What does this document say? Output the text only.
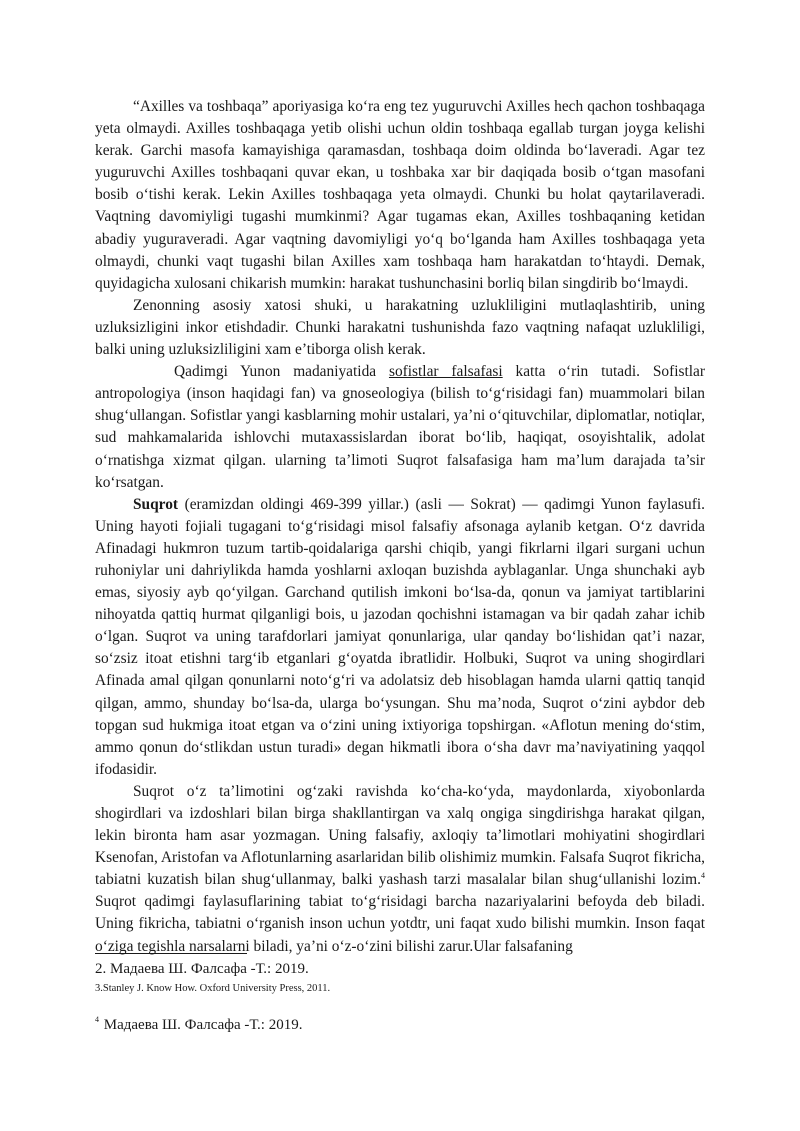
“Axilles va toshbaqa” aporiyasiga ko‘ra eng tez yuguruvchi Axilles hech qachon toshbaqaga yeta olmaydi. Axilles toshbaqaga yetib olishi uchun oldin toshbaqa egallab turgan joyga kelishi kerak. Garchi masofa kamayishiga qaramasdan, toshbaqa doim oldinda bo‘laveradi. Agar tez yuguruvchi Axilles toshbaqani quvar ekan, u toshbaka xar bir daqiqada bosib o‘tgan masofani bosib o‘tishi kerak. Lekin Axilles toshbaqaga yeta olmaydi. Chunki bu holat qaytarilaveradi. Vaqtning davomiyligi tugashi mumkinmi? Agar tugamas ekan, Axilles toshbaqaning ketidan abadiy yuguraveradi. Agar vaqtning davomiyligi yo‘q bo‘lganda ham Axilles toshbaqaga yeta olmaydi, chunki vaqt tugashi bilan Axilles xam toshbaqa ham harakatdan to‘htaydi. Demak, quyidagicha xulosani chikarish mumkin: harakat tushunchasini borliq bilan singdirib bo‘lmaydi.

Zenonning asosiy xatosi shuki, u harakatning uzlukliligini mutlaqlashtirib, uning uzluksizligini inkor etishdadir. Chunki harakatni tushunishda fazo vaqtning nafaqat uzlukliligi, balki uning uzluksizliligini xam e’tiborga olish kerak.

Qadimgi Yunon madaniyatida sofistlar falsafasi katta o‘rin tutadi. Sofistlar antropologiya (inson haqidagi fan) va gnoseologiya (bilish to‘g‘risidagi fan) muammolari bilan shug‘ullangan. Sofistlar yangi kasblarning mohir ustalari, ya’ni o‘qituvchilar, diplomatlar, notiqlar, sud mahkamalarida ishlovchi mutaxassislardan iborat bo‘lib, haqiqat, osoyishtalik, adolat o‘rnatishga xizmat qilgan. ularning ta’limoti Suqrot falsafasiga ham ma’lum darajada ta’sir ko‘rsatgan.

Suqrot (eramizdan oldingi 469-399 yillar.) (asli — Sokrat) — qadimgi Yunon faylasufi. Uning hayoti fojiali tugagani to‘g‘risidagi misol falsafiy afsonaga aylanib ketgan. O‘z davrida Afinadagi hukmron tuzum tartib-qoidalariga qarshi chiqib, yangi fikrlarni ilgari surgani uchun ruhoniylar uni dahriylikda hamda yoshlarni axloqan buzishda ayblaganlar. Unga shunchaki ayb emas, siyosiy ayb qo‘yilgan. Garchand qutilish imkoni bo‘lsa-da, qonun va jamiyat tartiblarini nihoyatda qattiq hurmat qilganligi bois, u jazodan qochishni istamagan va bir qadah zahar ichib o‘lgan. Suqrot va uning tarafdorlari jamiyat qonunlariga, ular qanday bo‘lishidan qat’i nazar, so‘zsiz itoat etishni targ‘ib etganlari g‘oyatda ibratlidir. Holbuki, Suqrot va uning shogirdlari Afinada amal qilgan qonunlarni noto‘g‘ri va adolatsiz deb hisoblagan hamda ularni qattiq tanqid qilgan, ammo, shunday bo‘lsa-da, ularga bo‘ysungan. Shu ma’noda, Suqrot o‘zini aybdor deb topgan sud hukmiga itoat etgan va o‘zini uning ixtiyoriga topshirgan. «Aflotun mening do‘stim, ammo qonun do‘stlikdan ustun turadi» degan hikmatli ibora o‘sha davr ma’naviyatining yaqqol ifodasidir.

Suqrot o‘z ta’limotini og‘zaki ravishda ko‘cha-ko‘yda, maydonlarda, xiyobonlarda shogirdlari va izdoshlari bilan birga shakllantirgan va xalq ongiga singdirishga harakat qilgan, lekin bironta ham asar yozmagan. Uning falsafiy, axloqiy ta’limotlari mohiyatini shogirdlari Ksenofan, Aristofan va Aflotunlarning asarlaridan bilib olishimiz mumkin. Falsafa Suqrot fikricha, tabiatni kuzatish bilan shug‘ullanmay, balki yashash tarzi masalalar bilan shug‘ullanishi lozim.$^4$ Suqrot qadimgi faylasuflarining tabiat to‘g‘risidagi barcha nazariyalarini befoyda deb biladi. Uning fikricha, tabiatni o‘rganish inson uchun yotdtr, uni faqat xudo bilishi mumkin. Inson faqat o‘ziga tegishla narsalarni biladi, ya’ni o‘z-o‘zini bilishi zarur.Ular falsafaning

2. Мадаева Ш. Фалсафа -Т.: 2019.
3.Stanley J. Know How. Oxford University Press, 2011.
$^4$ Мадаева Ш. Фалсафа -Т.: 2019.
